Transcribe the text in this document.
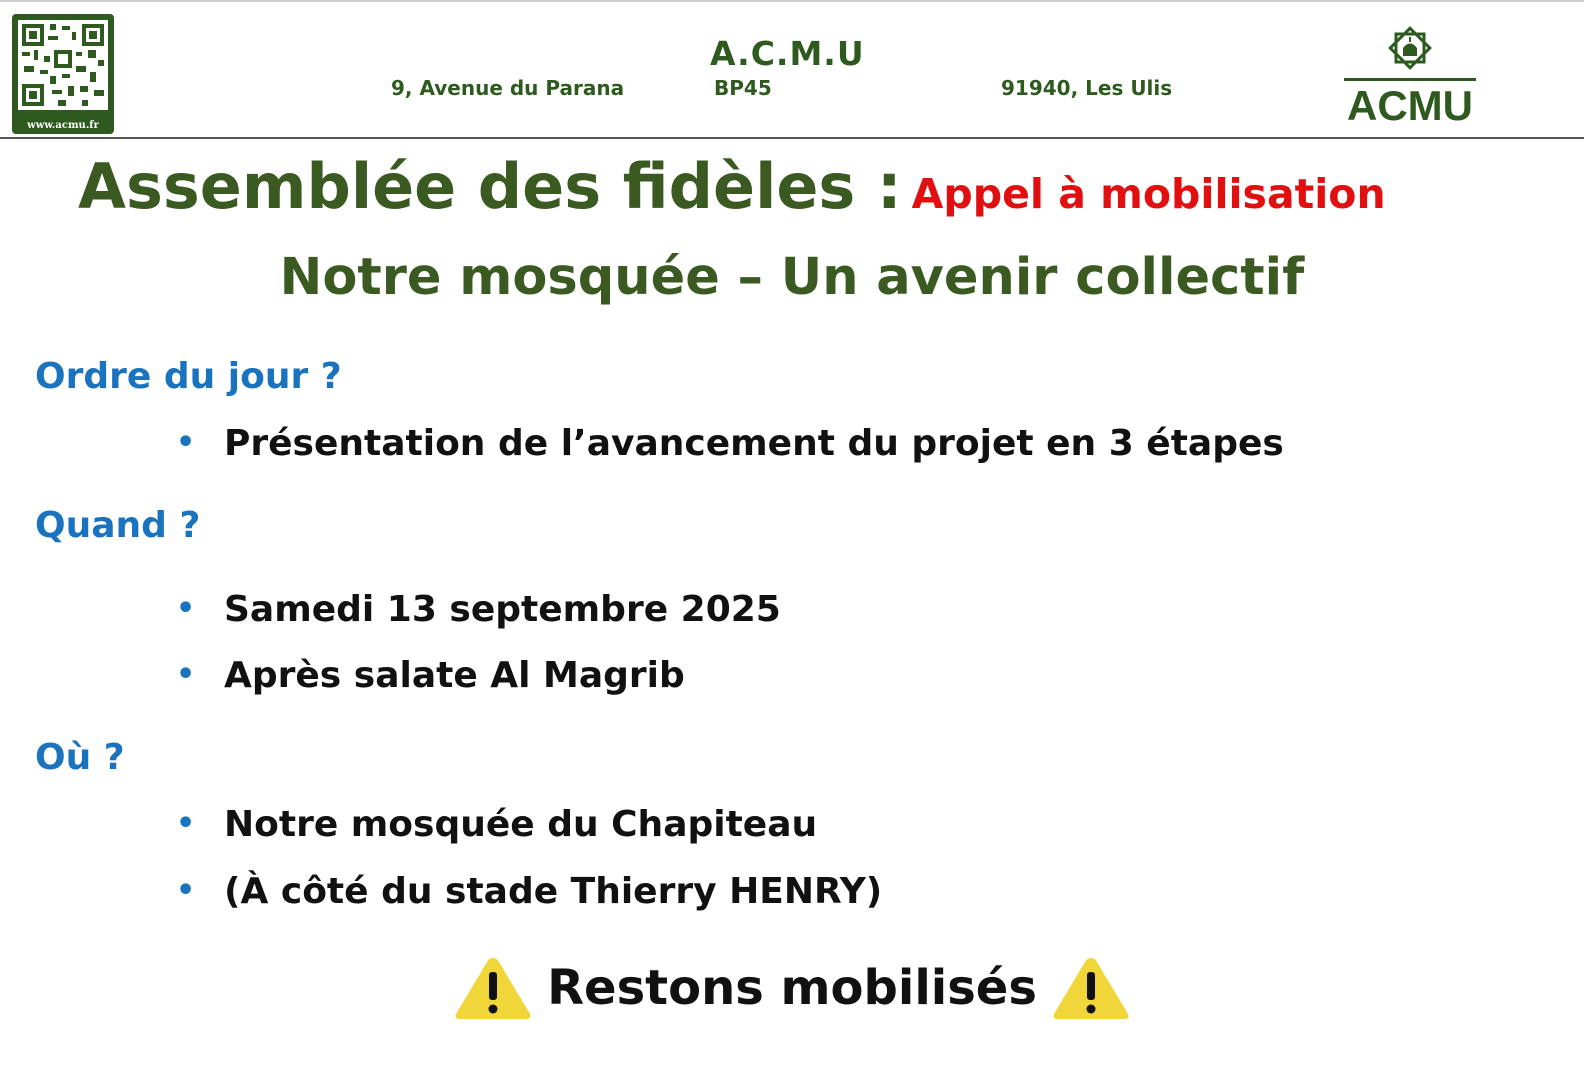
www.acmu.fr
A.C.M.U
9, Avenue du Parana	BP45	91940, Les Ulis	ACMU
Assemblée des fidèles : Appel à mobilisation
Notre mosquée – Un avenir collectif
Ordre du jour ?
• Présentation de l’avancement du projet en 3 étapes
Quand ?
• Samedi 13 septembre 2025
• Après salate Al Magrib
Où ?
• Notre mosquée du Chapiteau
• (À côté du stade Thierry HENRY)
Restons mobilisés
